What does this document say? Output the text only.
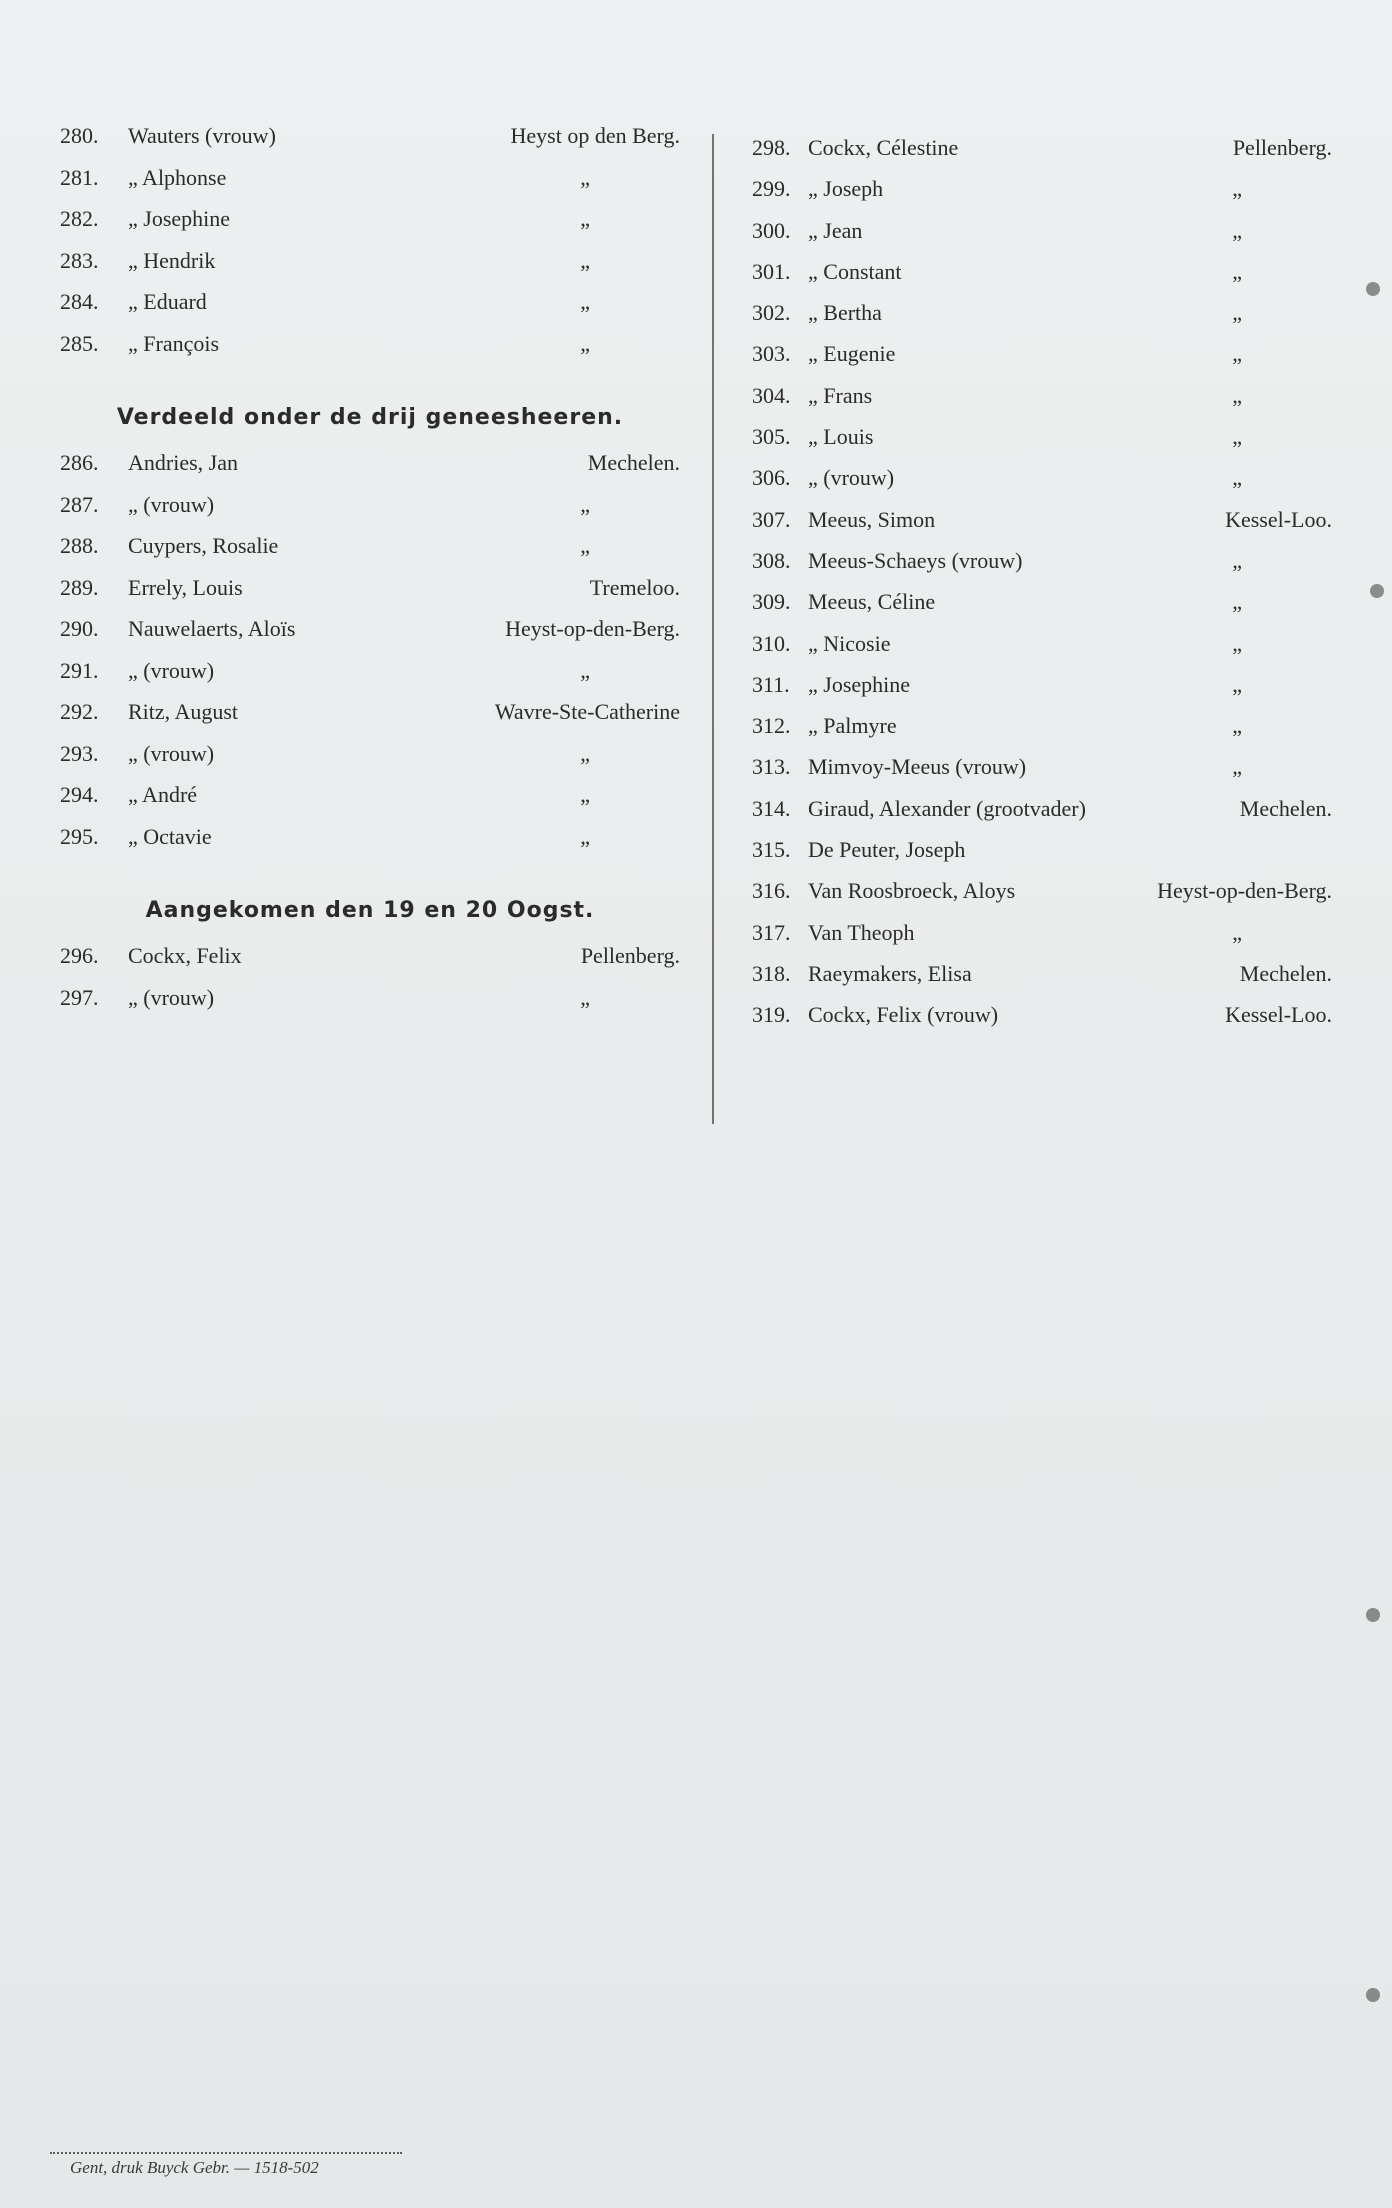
280. Wauters (vrouw)	Heyst op den Berg.
281. „ Alphonse	„
282. „ Josephine	„
283. „ Hendrik	„
284. „ Eduard	„
285. „ François	„
Verdeeld onder de drij geneesheeren.
286. Andries, Jan	Mechelen.
287. „ (vrouw)	„
288. Cuypers, Rosalie	„
289. Errely, Louis	Tremeloo.
290. Nauwelaerts, Aloïs	Heyst-op-den-Berg.
291. „ (vrouw)	„
292. Ritz, August	Wavre-Ste-Catherine
293. „ (vrouw)	„
294. „ André	„
295. „ Octavie	„
Aangekomen den 19 en 20 Oogst.
296. Cockx, Felix	Pellenberg.
297. „ (vrouw)	„
298. Cockx, Célestine	Pellenberg.
299. „ Joseph	„
300. „ Jean	„
301. „ Constant	„
302. „ Bertha	„
303. „ Eugenie	„
304. „ Frans	„
305. „ Louis	„
306. „ (vrouw)	„
307. Meeus, Simon	Kessel-Loo.
308. Meeus-Schaeys (vrouw)	„
309. Meeus, Céline	„
310. „ Nicosie	„
311. „ Josephine	„
312. „ Palmyre	„
313. Mimvoy-Meeus (vrouw)	„
314. Giraud, Alexander (grootvader)	Mechelen.
315. De Peuter, Joseph
316. Van Roosbroeck, Aloys	Heyst-op-den-Berg.
317. Van Theoph	„
318. Raeymakers, Elisa	Mechelen.
319. Cockx, Felix (vrouw)	Kessel-Loo.
Gent, druk Buyck Gebr. — 1518-502
